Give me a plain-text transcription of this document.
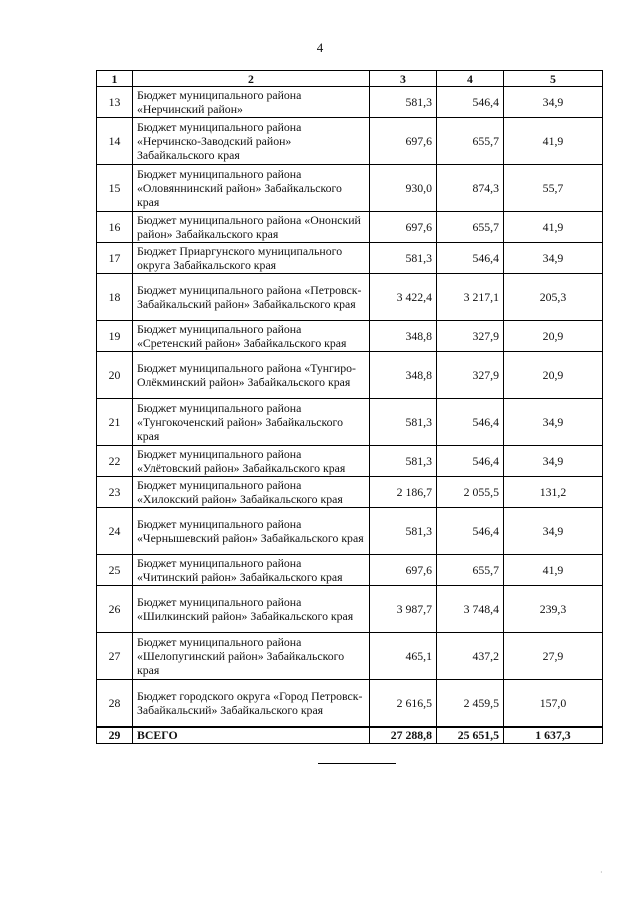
4
1	2	3	4	5
13	Бюджет муниципального района «Нерчинский район»	581,3	546,4	34,9
14	Бюджет муниципального района «Нерчинско-Заводский район» Забайкальского края	697,6	655,7	41,9
15	Бюджет муниципального района «Оловяннинский район» Забайкальского края	930,0	874,3	55,7
16	Бюджет муниципального района «Ононский район» Забайкальского края	697,6	655,7	41,9
17	Бюджет Приаргунского муниципального округа Забайкальского края	581,3	546,4	34,9
18	Бюджет муниципального района «Петровск-Забайкальский район» Забайкальского края	3 422,4	3 217,1	205,3
19	Бюджет муниципального района «Сретенский район» Забайкальского края	348,8	327,9	20,9
20	Бюджет муниципального района «Тунгиро-Олёкминский район» Забайкальского края	348,8	327,9	20,9
21	Бюджет муниципального района «Тунгокоченский район» Забайкальского края	581,3	546,4	34,9
22	Бюджет муниципального района «Улётовский район» Забайкальского края	581,3	546,4	34,9
23	Бюджет муниципального района «Хилокский район» Забайкальского края	2 186,7	2 055,5	131,2
24	Бюджет муниципального района «Чернышевский район» Забайкальского края	581,3	546,4	34,9
25	Бюджет муниципального района «Читинский район» Забайкальского края	697,6	655,7	41,9
26	Бюджет муниципального района «Шилкинский район» Забайкальского края	3 987,7	3 748,4	239,3
27	Бюджет муниципального района «Шелопугинский район» Забайкальского края	465,1	437,2	27,9
28	Бюджет городского округа «Город Петровск-Забайкальский» Забайкальского края	2 616,5	2 459,5	157,0
29	ВСЕГО	27 288,8	25 651,5	1 637,3
·
